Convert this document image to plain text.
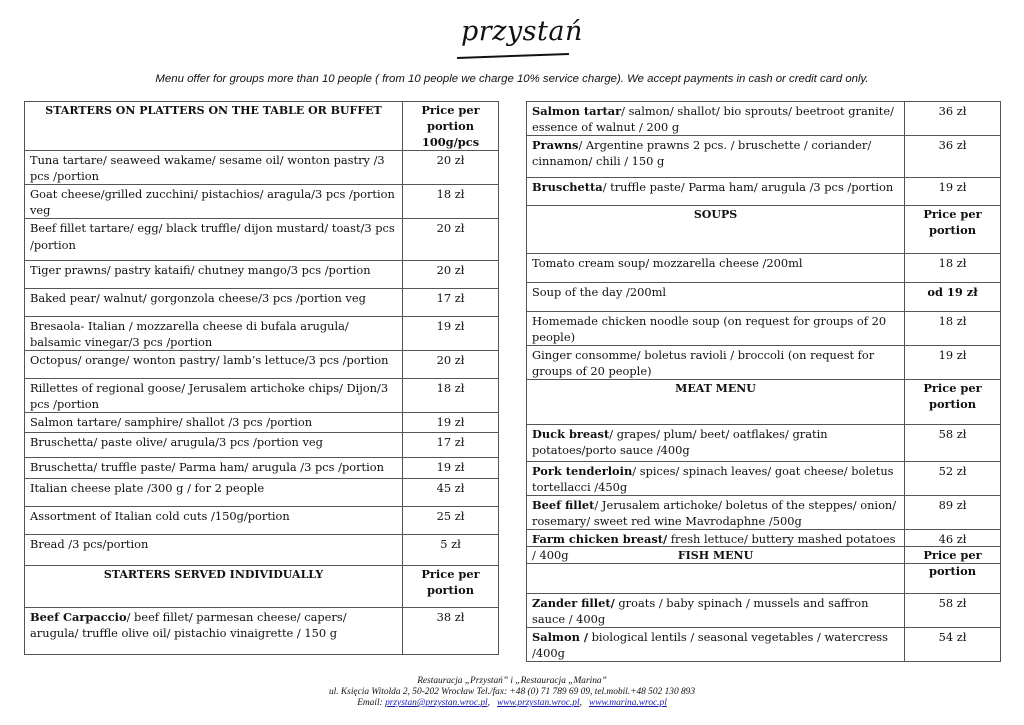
przystań
Menu offer for groups more than 10 people ( from 10 people we charge 10% service charge). We accept payments in cash or credit card only.
STARTERS ON PLATTERS ON THE TABLE OR BUFFET	Price per portion 100g/pcs
Tuna tartare/ seaweed wakame/ sesame oil/ wonton pastry /3 pcs /portion	20 zł
Goat cheese/grilled zucchini/ pistachios/ aragula/3 pcs /portion veg	18 zł
Beef fillet tartare/ egg/ black truffle/ dijon mustard/ toast/3 pcs /portion	20 zł
Tiger prawns/ pastry kataifi/ chutney mango/3 pcs /portion	20 zł
Baked pear/ walnut/ gorgonzola cheese/3 pcs /portion veg	17 zł
Bresaola- Italian / mozzarella cheese di bufala arugula/ balsamic vinegar/3 pcs /portion	19 zł
Octopus/ orange/ wonton pastry/ lamb’s lettuce/3 pcs /portion	20 zł
Rillettes of regional goose/ Jerusalem artichoke chips/ Dijon/3 pcs /portion	18 zł
Salmon tartare/ samphire/ shallot /3 pcs /portion	19 zł
Bruschetta/ paste olive/ arugula/3 pcs /portion veg	17 zł
Bruschetta/ truffle paste/ Parma ham/ arugula /3 pcs /portion	19 zł
Italian cheese plate /300 g / for 2 people	45 zł
Assortment of Italian cold cuts /150g/portion	25 zł
Bread /3 pcs/portion	5 zł
STARTERS SERVED INDIVIDUALLY	Price per portion
Beef Carpaccio/ beef fillet/ parmesan cheese/ capers/ arugula/ truffle olive oil/ pistachio vinaigrette / 150 g	38 zł
Salmon tartar/ salmon/ shallot/ bio sprouts/ beetroot granite/ essence of walnut / 200 g	36 zł
Prawns/ Argentine prawns 2 pcs. / bruschette / coriander/ cinnamon/ chili / 150 g	36 zł
Bruschetta/ truffle paste/ Parma ham/ arugula /3 pcs /portion	19 zł
SOUPS	Price per portion
Tomato cream soup/ mozzarella cheese /200ml	18 zł
Soup of the day /200ml	od 19 zł
Homemade chicken noodle soup (on request for groups of 20 people)	18 zł
Ginger consomme/ boletus ravioli / broccoli (on request for groups of 20 people)	19 zł
MEAT MENU	Price per portion
Duck breast/ grapes/ plum/ beet/ oatflakes/ gratin potatoes/porto sauce /400g	58 zł
Pork tenderloin/ spices/ spinach leaves/ goat cheese/ boletus tortellacci /450g	52 zł
Beef fillet/ Jerusalem artichoke/ boletus of the steppes/ onion/ rosemary/ sweet red wine Mavrodaphne /500g	89 zł
Farm chicken breast/ fresh lettuce/ buttery mashed potatoes / 400g	46 zł
FISH MENU	Price per portion
Zander fillet/ groats / baby spinach / mussels and saffron sauce / 400g	58 zł
Salmon / biological lentils / seasonal vegetables / watercress /400g	54 zł
Restauracja „Przystań” i „Restauracja „Marina”
ul. Księcia Witolda 2, 50-202 Wrocław Tel./fax: +48 (0) 71 789 69 09, tel.mobil.+48 502 130 893
Email: przystan@przystan.wroc.pl, www.przystan.wroc.pl, www.marina.wroc.pl
